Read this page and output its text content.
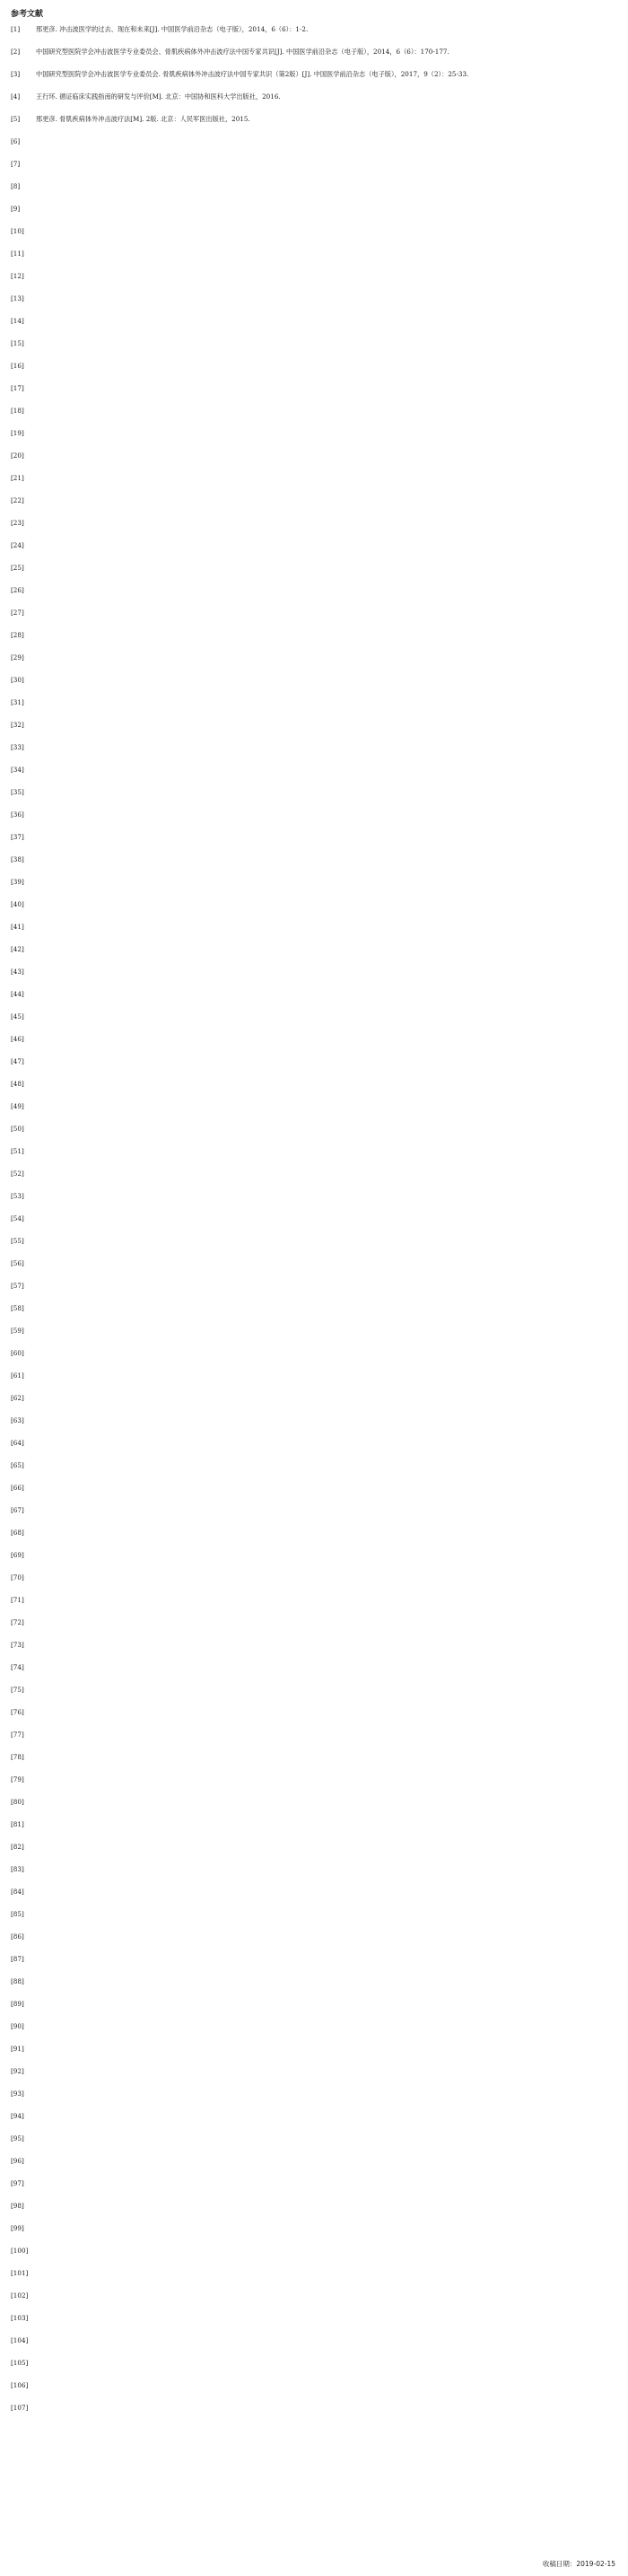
参考文献
[1]	邢更彦. 冲击波医学的过去、现在和未来[J]. 中国医学前沿杂志（电子版），2014，6（6）：1-2.
[2]	中国研究型医院学会冲击波医学专业委员会、骨肌疾病体外冲击波疗法中国专家共识[J]. 中国医学前沿杂志（电子版），2014，6（6）：170-177.
[3]	中国研究型医院学会冲击波医学专业委员会. 骨肌疾病体外冲击波疗法中国专家共识（第2版）[J]. 中国医学前沿杂志（电子版），2017，9（2）：25-33.
[4]	王行环. 循证临床实践指南的研发与评价[M]. 北京：中国协和医科大学出版社，2016.
[5]	邢更彦. 骨肌疾病体外冲击波疗法[M]. 2版. 北京：人民军医出版社，2015.
[6]
[7]
[8]
[9]
[10]
[11]
[12]
[13]
[14]
[15]
[16]
[17]
[18]
[19]
[20]
[21]
[22]
[23]
[24]
[25]
[26]
[27]
[28]
[29]
[30]
[31]
[32]
[33]
[34]
[35]
[36]
[37]
[38]
[39]
[40]
[41]
[42]
[43]
[44]
[45]
[46]
[47]
[48]
[49]
[50]
[51]
[52]
[53]
[54]
[55]
[56]
[57]
[58]
[59]
[60]
[61]
[62]
[63]
[64]
[65]
[66]
[67]
[68]
[69]
[70]
[71]
[72]
[73]
[74]
[75]
[76]
[77]
[78]
[79]
[80]
[81]
[82]
[83]
[84]
[85]
[86]
[87]
[88]
[89]
[90]
[91]
[92]
[93]
[94]
[95]
[96]
[97]
[98]
[99]
[100]
[101]
[102]
[103]
[104]
[105]
[106]
[107]
收稿日期：2019-02-15
